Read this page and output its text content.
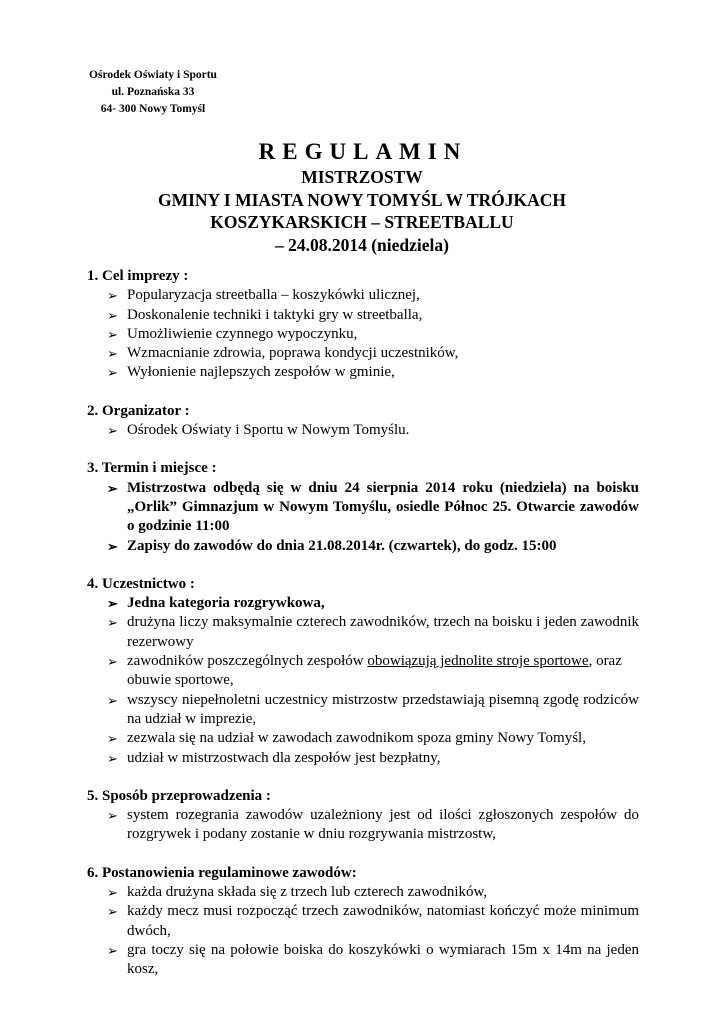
Ośrodek Oświaty i Sportu
ul. Poznańska 33
64- 300 Nowy Tomyśl
REGULAMIN
MISTRZOSTW
GMINY I MIASTA NOWY TOMYŚL W TRÓJKACH
KOSZYKARSKICH – STREETBALLU
– 24.08.2014 (niedziela)
1. Cel imprezy :
➢ Popularyzacja streetballa – koszykówki ulicznej,
➢ Doskonalenie techniki i taktyki gry w streetballa,
➢ Umożliwienie czynnego wypoczynku,
➢ Wzmacnianie zdrowia, poprawa kondycji uczestników,
➢ Wyłonienie najlepszych zespołów w gminie,
2. Organizator :
➢ Ośrodek Oświaty i Sportu w Nowym Tomyślu.
3. Termin i miejsce :
➢ Mistrzostwa odbędą się w dniu 24 sierpnia 2014 roku (niedziela) na boisku „Orlik” Gimnazjum w Nowym Tomyślu, osiedle Północ 25. Otwarcie zawodów o godzinie 11:00
➢ Zapisy do zawodów do dnia 21.08.2014r. (czwartek), do godz. 15:00
4. Uczestnictwo :
➢ Jedna kategoria rozgrywkowa,
➢ drużyna liczy maksymalnie czterech zawodników, trzech na boisku i jeden zawodnik rezerwowy
➢ zawodników poszczególnych zespołów obowiązują jednolite stroje sportowe, oraz obuwie sportowe,
➢ wszyscy niepełnoletni uczestnicy mistrzostw przedstawiają pisemną zgodę rodziców na udział w imprezie,
➢ zezwala się na udział w zawodach zawodnikom spoza gminy Nowy Tomyśl,
➢ udział w mistrzostwach dla zespołów jest bezpłatny,
5. Sposób przeprowadzenia :
➢ system rozegrania zawodów uzależniony jest od ilości zgłoszonych zespołów do rozgrywek i podany zostanie w dniu rozgrywania mistrzostw,
6. Postanowienia regulaminowe zawodów:
➢ każda drużyna składa się z trzech lub czterech zawodników,
➢ każdy mecz musi rozpocząć trzech zawodników, natomiast kończyć może minimum dwóch,
➢ gra toczy się na połowie boiska do koszykówki o wymiarach 15m x 14m na jeden kosz,
